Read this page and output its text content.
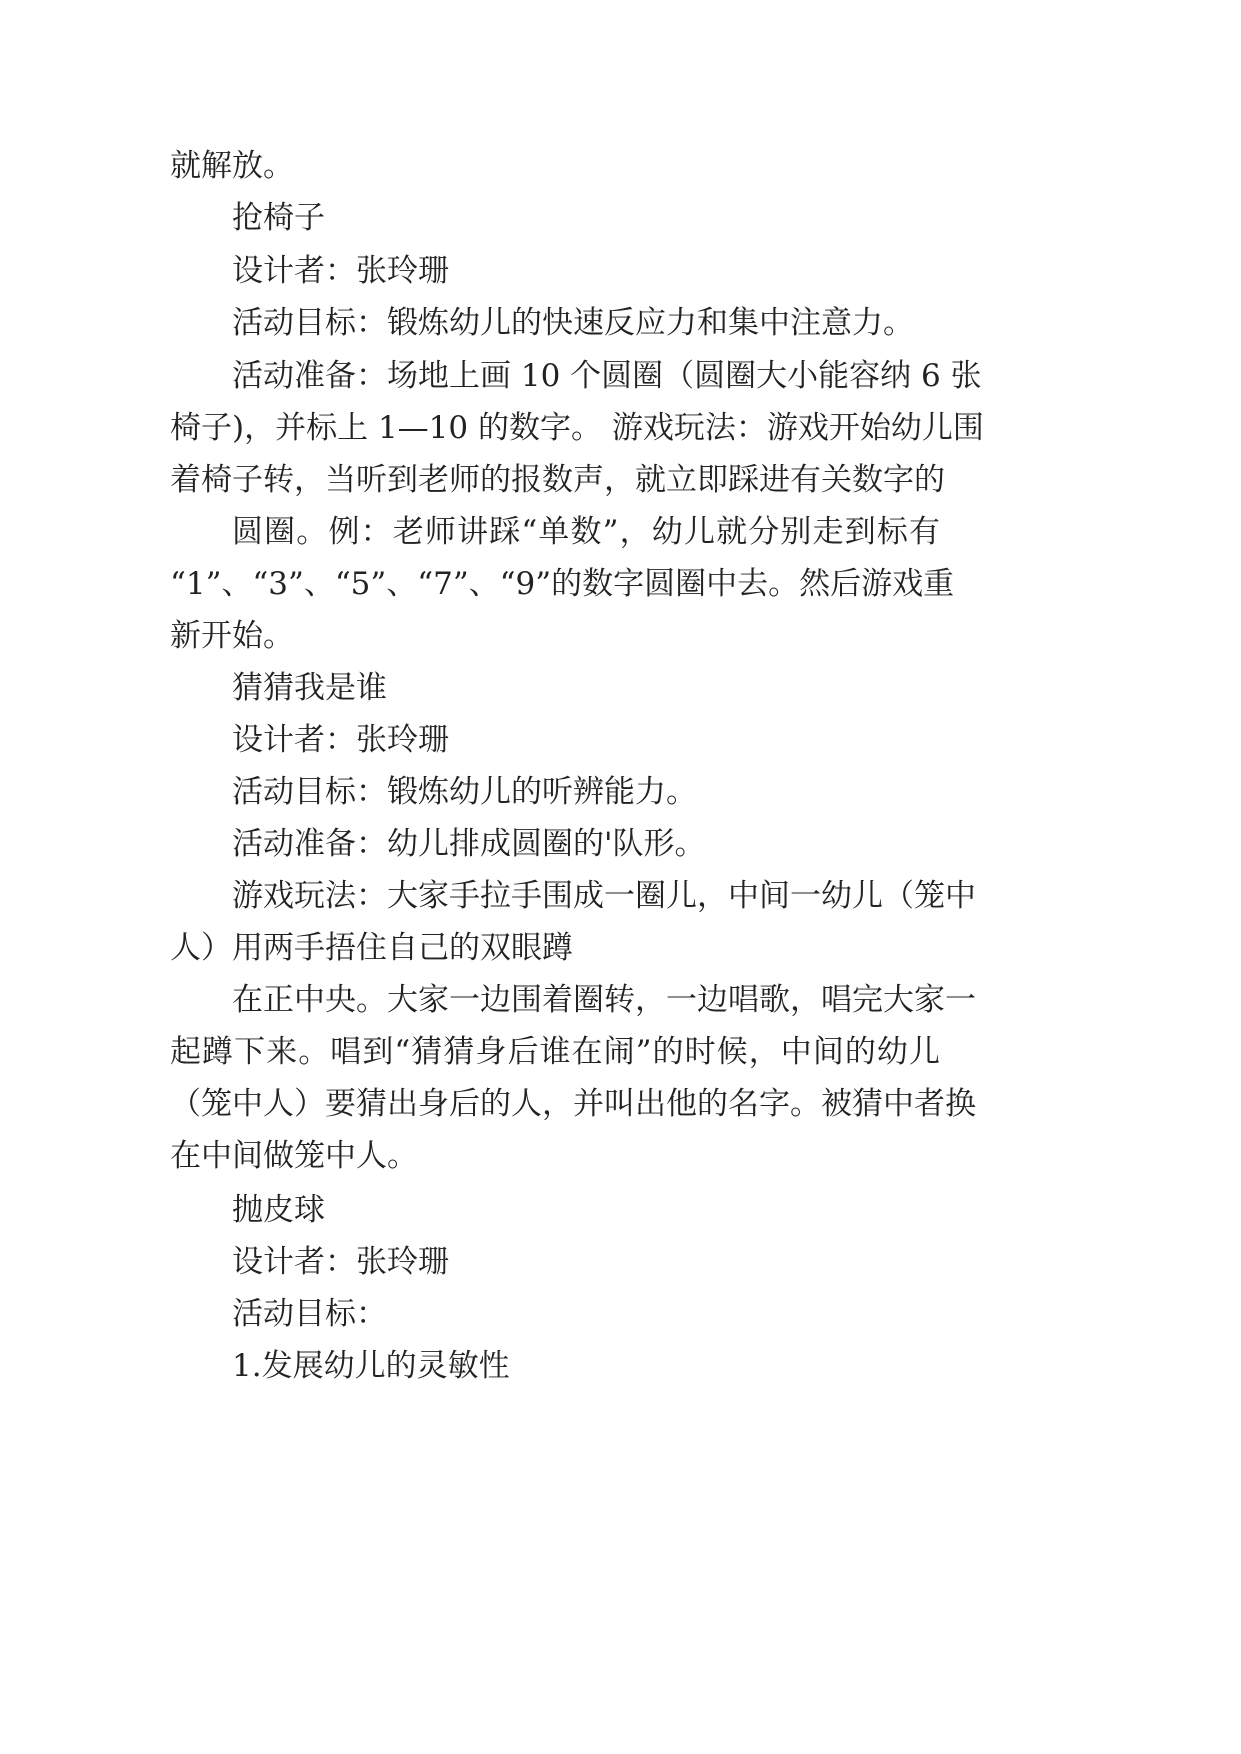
就解放。
抢椅子
设计者：张玲珊
活动目标：锻炼幼儿的快速反应力和集中注意力。
活动准备：场地上画 10 个圆圈（圆圈大小能容纳 6 张
椅子)，并标上 1—10 的数字。 游戏玩法：游戏开始幼儿围
着椅子转，当听到老师的报数声，就立即踩进有关数字的
圆圈。例：老师讲踩“单数”，幼儿就分别走到标有
“1”、“3”、“5”、“7”、“9”的数字圆圈中去。然后游戏重
新开始。
猜猜我是谁
设计者：张玲珊
活动目标：锻炼幼儿的听辨能力。
活动准备：幼儿排成圆圈的'队形。
游戏玩法：大家手拉手围成一圈儿，中间一幼儿（笼中
人）用两手捂住自己的双眼蹲
在正中央。大家一边围着圈转，一边唱歌，唱完大家一
起蹲下来。唱到“猜猜身后谁在闹”的时候，中间的幼儿
（笼中人）要猜出身后的人，并叫出他的名字。被猜中者换
在中间做笼中人。
抛皮球
设计者：张玲珊
活动目标：
1.发展幼儿的灵敏性
